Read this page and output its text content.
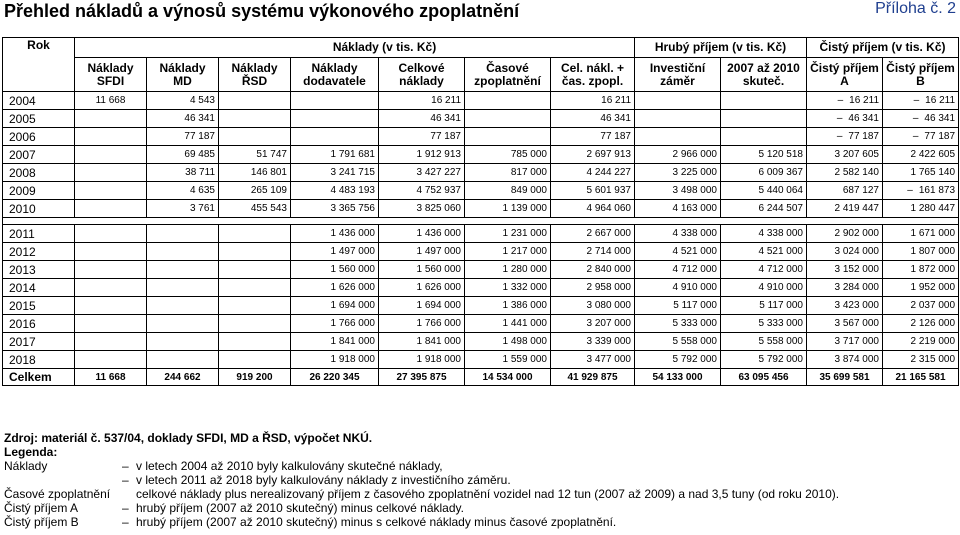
Přehled nákladů a výnosů systému výkonového zpoplatnění	Příloha č. 2
Rok			Náklady (v tis. Kč)					Hrubý příjem (v tis. Kč)		Čistý příjem (v tis. Kč)	
	Náklady SFDI	Náklady MD	Náklady ŘSD	Náklady dodavatele	Celkové náklady	Časové zpoplatnění	Cel. nákl. + čas. zpopl.	Investiční záměr	2007 až 2010 skuteč.	Čistý příjem A	Čistý příjem B
2004	11 668	4 543			16 211		16 211			– 16 211	– 16 211
2005		46 341			46 341		46 341			– 46 341	– 46 341
2006		77 187			77 187		77 187			– 77 187	– 77 187
2007		69 485	51 747	1 791 681	1 912 913	785 000	2 697 913	2 966 000	5 120 518	3 207 605	2 422 605
2008		38 711	146 801	3 241 715	3 427 227	817 000	4 244 227	3 225 000	6 009 367	2 582 140	1 765 140
2009		4 635	265 109	4 483 193	4 752 937	849 000	5 601 937	3 498 000	5 440 064	687 127	– 161 873
2010		3 761	455 543	3 365 756	3 825 060	1 139 000	4 964 060	4 163 000	6 244 507	2 419 447	1 280 447

2011				1 436 000	1 436 000	1 231 000	2 667 000	4 338 000	4 338 000	2 902 000	1 671 000
2012				1 497 000	1 497 000	1 217 000	2 714 000	4 521 000	4 521 000	3 024 000	1 807 000
2013				1 560 000	1 560 000	1 280 000	2 840 000	4 712 000	4 712 000	3 152 000	1 872 000
2014				1 626 000	1 626 000	1 332 000	2 958 000	4 910 000	4 910 000	3 284 000	1 952 000
2015				1 694 000	1 694 000	1 386 000	3 080 000	5 117 000	5 117 000	3 423 000	2 037 000
2016				1 766 000	1 766 000	1 441 000	3 207 000	5 333 000	5 333 000	3 567 000	2 126 000
2017				1 841 000	1 841 000	1 498 000	3 339 000	5 558 000	5 558 000	3 717 000	2 219 000
2018				1 918 000	1 918 000	1 559 000	3 477 000	5 792 000	5 792 000	3 874 000	2 315 000
Celkem	11 668	244 662	919 200	26 220 345	27 395 875	14 534 000	41 929 875	54 133 000	63 095 456	35 699 581	21 165 581
Zdroj: materiál č. 537/04, doklady SFDI, MD a ŘSD, výpočet NKÚ.
Legenda:
Náklady	– v letech 2004 až 2010 byly kalkulovány skutečné náklady,
– v letech 2011 až 2018 byly kalkulovány náklady z investičního záměru.
Časové zpoplatnění	celkové náklady plus nerealizovaný příjem z časového zpoplatnění vozidel nad 12 tun (2007 až 2009) a nad 3,5 tuny (od roku 2010).
Čistý příjem A	– hrubý příjem (2007 až 2010 skutečný) minus celkové náklady.
Čistý příjem B	– hrubý příjem (2007 až 2010 skutečný) minus s celkové náklady minus časové zpoplatnění.
